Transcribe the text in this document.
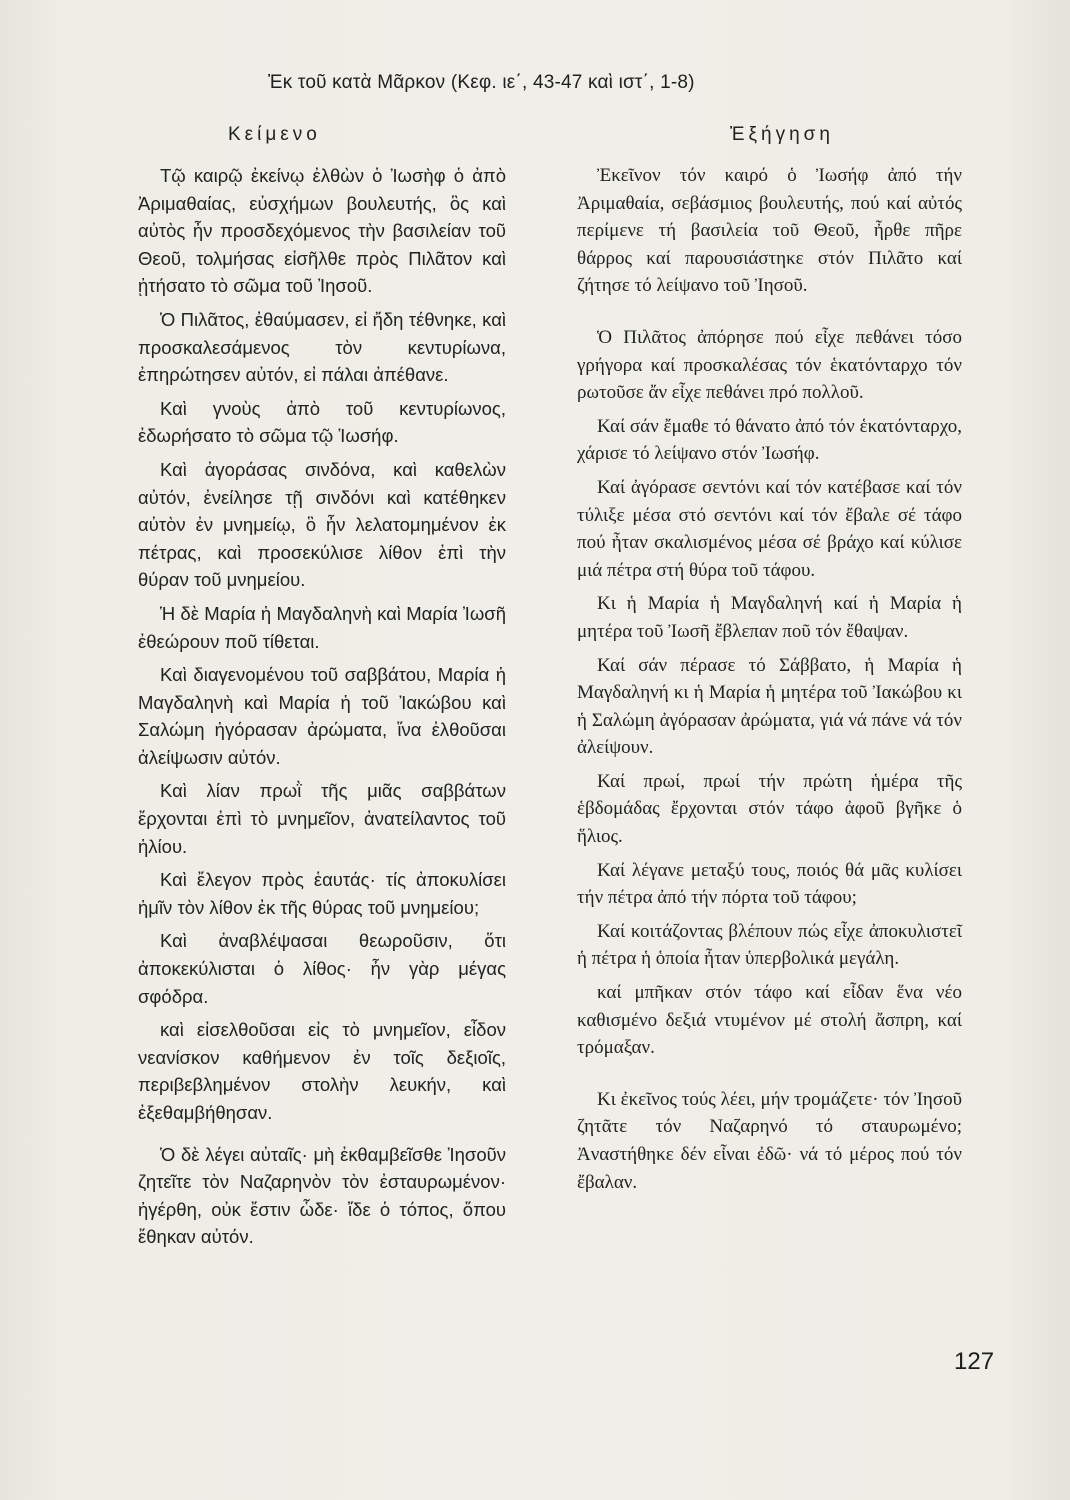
Ἐκ τοῦ κατὰ Μᾶρκον (Κεφ. ιε΄, 43-47 καὶ ιστ΄, 1-8)
Κείμενο	Ἐξήγηση

Τῷ καιρῷ ἐκείνῳ ἐλθὼν ὁ Ἰωσὴφ ὁ ἀπὸ Ἀριμαθαίας, εὐσχήμων βουλευτής, ὃς καὶ αὐτὸς ἦν προσδεχόμενος τὴν βασιλείαν τοῦ Θεοῦ, τολμήσας εἰσῆλθε πρὸς Πιλᾶτον καὶ ᾐτήσατο τὸ σῶμα τοῦ Ἰησοῦ.

Ὁ Πιλᾶτος, ἐθαύμασεν, εἰ ἤδη τέθνηκε, καὶ προσκαλεσάμενος τὸν κεντυρίωνα, ἐπηρώτησεν αὐτόν, εἰ πάλαι ἀπέθανε.

Καὶ γνοὺς ἀπὸ τοῦ κεντυρίωνος, ἐδωρήσατο τὸ σῶμα τῷ Ἰωσήφ.

Καὶ ἀγοράσας σινδόνα, καὶ καθελὼν αὐτόν, ἐνείλησε τῇ σινδόνι καὶ κατέθηκεν αὐτὸν ἐν μνημείῳ, ὃ ἦν λελατομημένον ἐκ πέτρας, καὶ προσεκύλισε λίθον ἐπὶ τὴν θύραν τοῦ μνημείου.

Ἡ δὲ Μαρία ἡ Μαγδαληνὴ καὶ Μαρία Ἰωσῆ ἐθεώρουν ποῦ τίθεται.

Καὶ διαγενομένου τοῦ σαββάτου, Μαρία ἡ Μαγδαληνὴ καὶ Μαρία ἡ τοῦ Ἰακώβου καὶ Σαλώμη ἠγόρασαν ἀρώματα, ἵνα ἐλθοῦσαι ἀλείψωσιν αὐτόν.

Καὶ λίαν πρωῒ τῆς μιᾶς σαββάτων ἔρχονται ἐπὶ τὸ μνημεῖον, ἀνατείλαντος τοῦ ἡλίου.

Καὶ ἔλεγον πρὸς ἑαυτάς· τίς ἀποκυλίσει ἡμῖν τὸν λίθον ἐκ τῆς θύρας τοῦ μνημείου;

Καὶ ἀναβλέψασαι θεωροῦσιν, ὅτι ἀποκεκύλισται ὁ λίθος· ἦν γὰρ μέγας σφόδρα.

καὶ εἰσελθοῦσαι εἰς τὸ μνημεῖον, εἶδον νεανίσκον καθήμενον ἐν τοῖς δεξιοῖς, περιβεβλημένον στολὴν λευκήν, καὶ ἐξεθαμβήθησαν.

Ὁ δὲ λέγει αὐταῖς· μὴ ἐκθαμβεῖσθε Ἰησοῦν ζητεῖτε τὸν Ναζαρηνὸν τὸν ἐσταυρωμένον· ἠγέρθη, οὐκ ἔστιν ὧδε· ἴδε ὁ τόπος, ὅπου ἔθηκαν αὐτόν.

Ἐκεῖνον τόν καιρό ὁ Ἰωσήφ ἀπό τήν Ἀριμαθαία, σεβάσμιος βουλευτής, πού καί αὐτός περίμενε τή βασιλεία τοῦ Θεοῦ, ἦρθε πῆρε θάρρος καί παρουσιάστηκε στόν Πιλᾶτο καί ζήτησε τό λείψανο τοῦ Ἰησοῦ.

Ὁ Πιλᾶτος ἀπόρησε πού εἶχε πεθάνει τόσο γρήγορα καί προσκαλέσας τόν ἑκατόνταρχο τόν ρωτοῦσε ἄν εἶχε πεθάνει πρό πολλοῦ.

Καί σάν ἔμαθε τό θάνατο ἀπό τόν ἑκατόνταρχο, χάρισε τό λείψανο στόν Ἰωσήφ.

Καί ἀγόρασε σεντόνι καί τόν κατέβασε καί τόν τύλιξε μέσα στό σεντόνι καί τόν ἔβαλε σέ τάφο πού ἦταν σκαλισμένος μέσα σέ βράχο καί κύλισε μιά πέτρα στή θύρα τοῦ τάφου.

Κι ἡ Μαρία ἡ Μαγδαληνή καί ἡ Μαρία ἡ μητέρα τοῦ Ἰωσῆ ἔβλεπαν ποῦ τόν ἔθαψαν.

Καί σάν πέρασε τό Σάββατο, ἡ Μαρία ἡ Μαγδαληνή κι ἡ Μαρία ἡ μητέρα τοῦ Ἰακώβου κι ἡ Σαλώμη ἀγόρασαν ἀρώματα, γιά νά πάνε νά τόν ἀλείψουν.

Καί πρωί, πρωί τήν πρώτη ἡμέρα τῆς ἑβδομάδας ἔρχονται στόν τάφο ἀφοῦ βγῆκε ὁ ἥλιος.

Καί λέγανε μεταξύ τους, ποιός θά μᾶς κυλίσει τήν πέτρα ἀπό τήν πόρτα τοῦ τάφου;

Καί κοιτάζοντας βλέπουν πώς εἶχε ἀποκυλιστεῖ ἡ πέτρα ἡ ὁποία ἦταν ὑπερβολικά μεγάλη.

καί μπῆκαν στόν τάφο καί εἶδαν ἕνα νέο καθισμένο δεξιά ντυμένον μέ στολή ἄσπρη, καί τρόμαξαν.

Κι ἐκεῖνος τούς λέει, μήν τρομάζετε· τόν Ἰησοῦ ζητᾶτε τόν Ναζαρηνό τό σταυρωμένο; Ἀναστήθηκε δέν εἶναι ἐδῶ· νά τό μέρος πού τόν ἔβαλαν.

127
